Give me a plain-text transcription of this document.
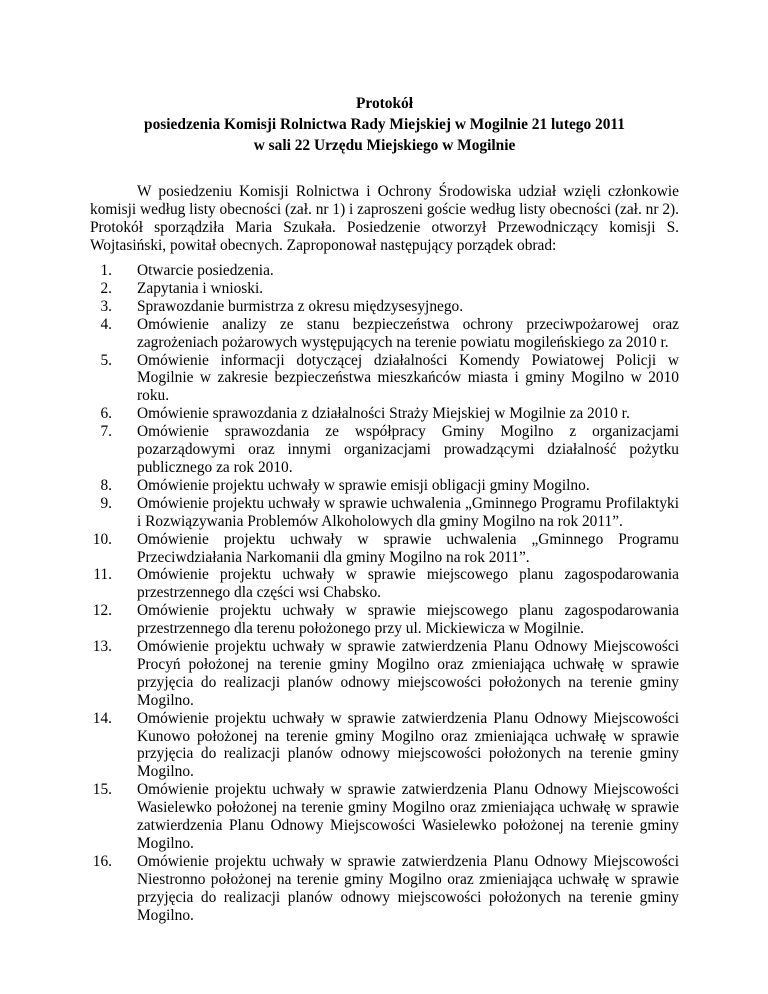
Protokół
posiedzenia Komisji Rolnictwa Rady Miejskiej w Mogilnie 21 lutego 2011
w sali 22 Urzędu Miejskiego w Mogilnie

W posiedzeniu Komisji Rolnictwa i Ochrony Środowiska udział wzięli członkowie komisji według listy obecności (zał. nr 1) i zaproszeni goście według listy obecności (zał. nr 2). Protokół sporządziła Maria Szukała. Posiedzenie otworzył Przewodniczący komisji S. Wojtasiński, powitał obecnych. Zaproponował następujący porządek obrad:

1. Otwarcie posiedzenia.
2. Zapytania i wnioski.
3. Sprawozdanie burmistrza z okresu międzysesyjnego.
4. Omówienie analizy ze stanu bezpieczeństwa ochrony przeciwpożarowej oraz zagrożeniach pożarowych występujących na terenie powiatu mogileńskiego za 2010 r.
5. Omówienie informacji dotyczącej działalności Komendy Powiatowej Policji w Mogilnie w zakresie bezpieczeństwa mieszkańców miasta i gminy Mogilno w 2010 roku.
6. Omówienie sprawozdania z działalności Straży Miejskiej w Mogilnie za 2010 r.
7. Omówienie sprawozdania ze współpracy Gminy Mogilno z organizacjami pozarządowymi oraz innymi organizacjami prowadzącymi działalność pożytku publicznego za rok 2010.
8. Omówienie projektu uchwały w sprawie emisji obligacji gminy Mogilno.
9. Omówienie projektu uchwały w sprawie uchwalenia „Gminnego Programu Profilaktyki i Rozwiązywania Problemów Alkoholowych dla gminy Mogilno na rok 2011”.
10. Omówienie projektu uchwały w sprawie uchwalenia „Gminnego Programu Przeciwdziałania Narkomanii dla gminy Mogilno na rok 2011”.
11. Omówienie projektu uchwały w sprawie miejscowego planu zagospodarowania przestrzennego dla części wsi Chabsko.
12. Omówienie projektu uchwały w sprawie miejscowego planu zagospodarowania przestrzennego dla terenu położonego przy ul. Mickiewicza w Mogilnie.
13. Omówienie projektu uchwały w sprawie zatwierdzenia Planu Odnowy Miejscowości Procyń położonej na terenie gminy Mogilno oraz zmieniająca uchwałę w sprawie przyjęcia do realizacji planów odnowy miejscowości położonych na terenie gminy Mogilno.
14. Omówienie projektu uchwały w sprawie zatwierdzenia Planu Odnowy Miejscowości Kunowo położonej na terenie gminy Mogilno oraz zmieniająca uchwałę w sprawie przyjęcia do realizacji planów odnowy miejscowości położonych na terenie gminy Mogilno.
15. Omówienie projektu uchwały w sprawie zatwierdzenia Planu Odnowy Miejscowości Wasielewko położonej na terenie gminy Mogilno oraz zmieniająca uchwałę w sprawie zatwierdzenia Planu Odnowy Miejscowości Wasielewko położonej na terenie gminy Mogilno.
16. Omówienie projektu uchwały w sprawie zatwierdzenia Planu Odnowy Miejscowości Niestronno położonej na terenie gminy Mogilno oraz zmieniająca uchwałę w sprawie przyjęcia do realizacji planów odnowy miejscowości położonych na terenie gminy Mogilno.
